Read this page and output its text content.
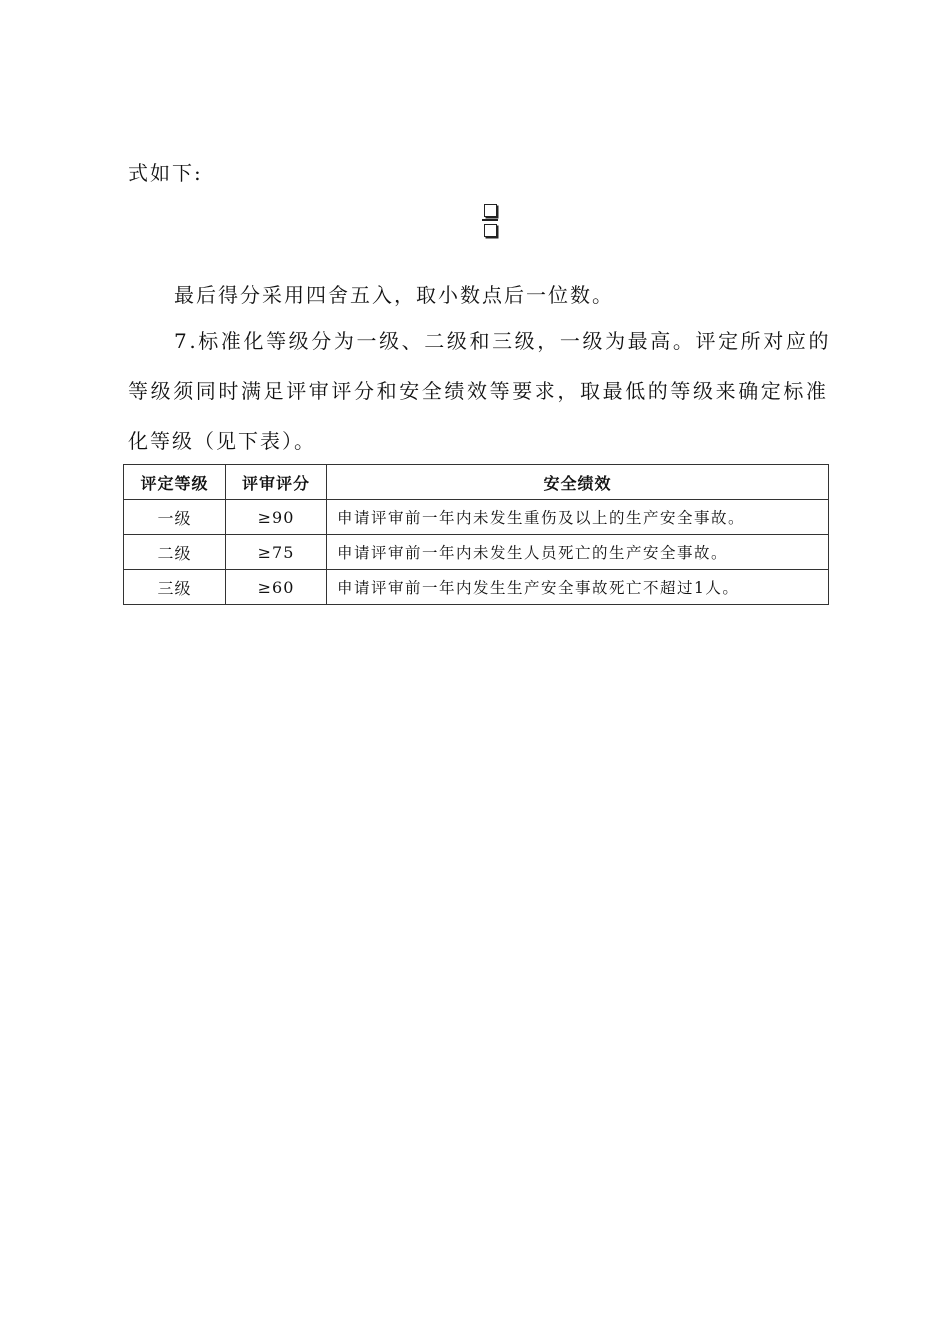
式如下:
最后得分采用四舍五入，取小数点后一位数。
7.标准化等级分为一级、二级和三级，一级为最高。评定所对应的
等级须同时满足评审评分和安全绩效等要求，取最低的等级来确定标准
化等级（见下表）。
评定等级	评审评分	安全绩效
一级	≥90	申请评审前一年内未发生重伤及以上的生产安全事故。
二级	≥75	申请评审前一年内未发生人员死亡的生产安全事故。
三级	≥60	申请评审前一年内发生生产安全事故死亡不超过1人。
